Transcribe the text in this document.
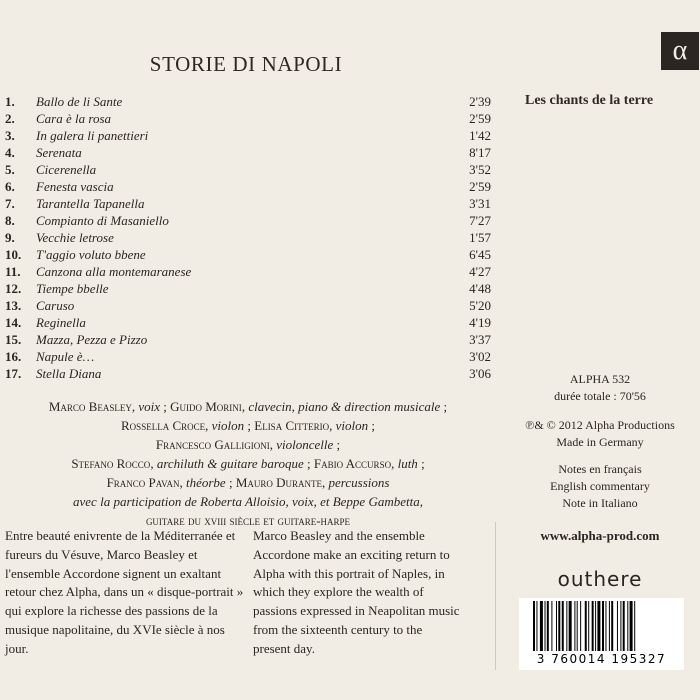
STORIE DI NAPOLI	α
Les chants de la terre
1. Ballo de li Sante	2'39
2. Cara è la rosa	2'59
3. In galera li panettieri	1'42
4. Serenata	8'17
5. Cicerenella	3'52
6. Fenesta vascia	2'59
7. Tarantella Tapanella	3'31
8. Compianto di Masaniello	7'27
9. Vecchie letrose	1'57
10. T'aggio voluto bbene	6'45
11. Canzona alla montemaranese	4'27
12. Tiempe bbelle	4'48
13. Caruso	5'20
14. Reginella	4'19
15. Mazza, Pezza e Pizzo	3'37
16. Napule è…	3'02
17. Stella Diana	3'06
Marco Beasley, voix ; Guido Morini, clavecin, piano & direction musicale ;
Rossella Croce, violon ; Elisa Citterio, violon ;
Francesco Galligioni, violoncelle ;
Stefano Rocco, archiluth & guitare baroque ; Fabio Accurso, luth ;
Franco Pavan, théorbe ; Mauro Durante, percussions
avec la participation de Roberta Alloisio, voix, et Beppe Gambetta,
guitare du xviii siècle et guitare-harpe
Entre beauté enivrente de la Méditerranée et fureurs du Vésuve, Marco Beasley et l'ensemble Accordone signent un exaltant retour chez Alpha, dans un « disque-portrait » qui explore la richesse des passions de la musique napolitaine, du XVIe siècle à nos jour.
Marco Beasley and the ensemble Accordone make an exciting return to Alpha with this portrait of Naples, in which they explore the wealth of passions expressed in Neapolitan music from the sixteenth century to the present day.
ALPHA 532
durée totale : 70'56
℗& © 2012 Alpha Productions
Made in Germany
Notes en français
English commentary
Note in Italiano
www.alpha-prod.com
outhere
3 760014 195327
